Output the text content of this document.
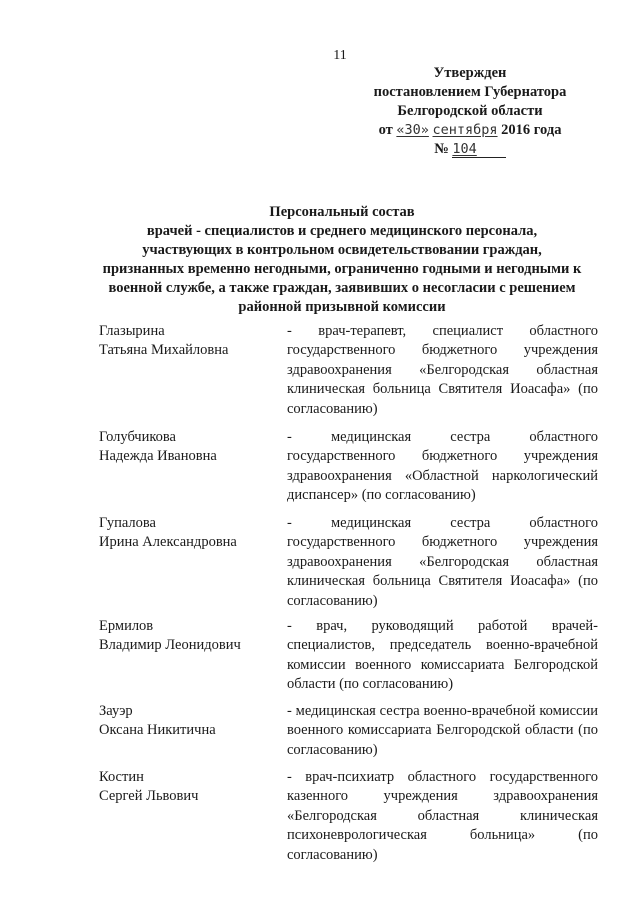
11
Утвержден
постановлением Губернатора
Белгородской области
от «30» сентября 2016 года
№ 104  
Персональный состав
врачей - специалистов и среднего медицинского персонала,
участвующих в контрольном освидетельствовании граждан,
признанных временно негодными, ограниченно годными и негодными к
военной службе, а также граждан, заявивших о несогласии с решением
районной призывной комиссии
Глазырина
Татьяна Михайловна
- врач-терапевт, специалист областного государственного бюджетного учреждения здравоохранения «Белгородская областная клиническая больница Святителя Иоасафа» (по согласованию)
Голубчикова
Надежда Ивановна
- медицинская сестра областного государственного бюджетного учреждения здравоохранения «Областной наркологический диспансер» (по согласованию)
Гупалова
Ирина Александровна
- медицинская сестра областного государственного бюджетного учреждения здравоохранения «Белгородская областная клиническая больница Святителя Иоасафа» (по согласованию)
Ермилов
Владимир Леонидович
- врач, руководящий работой врачей-специалистов, председатель военно-врачебной комиссии военного комиссариата Белгородской области (по согласованию)
Зауэр
Оксана Никитична
- медицинская сестра военно-врачебной комиссии военного комиссариата Белгородской области (по согласованию)
Костин
Сергей Львович
- врач-психиатр областного государственного казенного учреждения здравоохранения «Белгородская областная клиническая психоневрологическая больница» (по согласованию)
